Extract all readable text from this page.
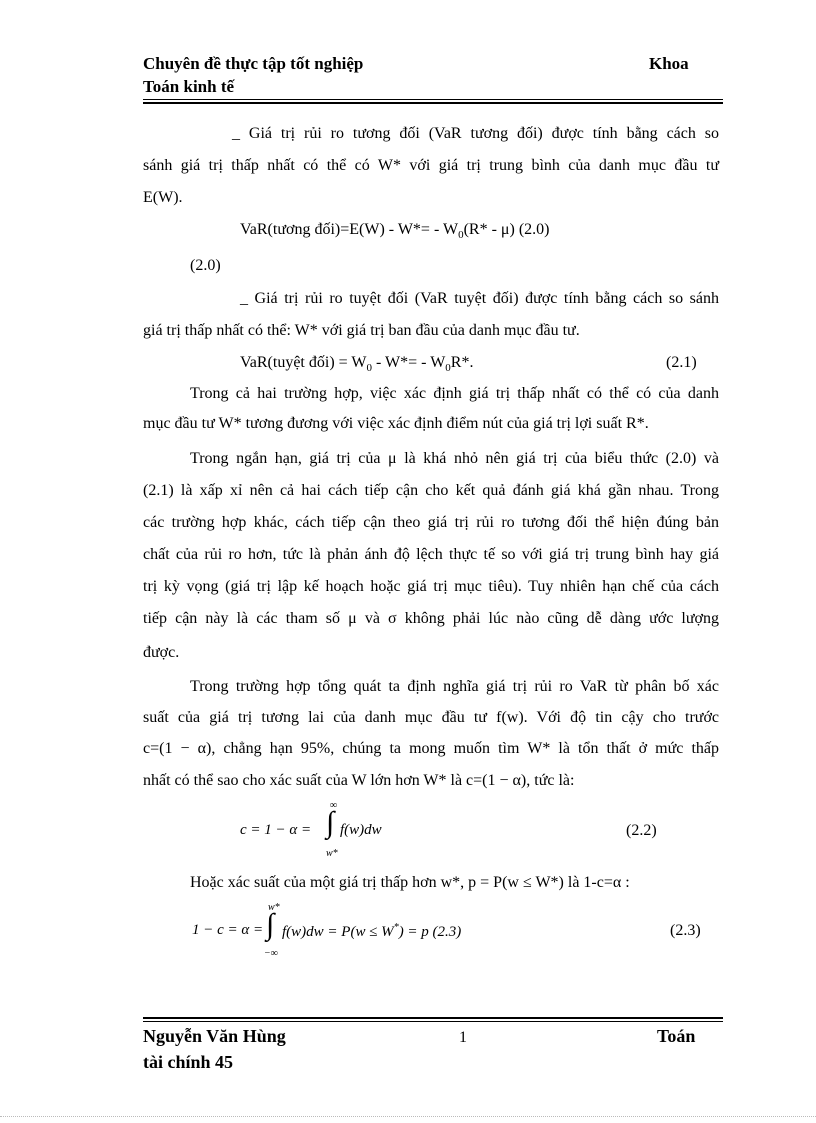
Chuyên đề thực tập tốt nghiệp	Khoa
Toán kinh tế
_ Giá trị rủi ro tương đối (VaR tương đối) được tính bằng cách so
sánh giá trị thấp nhất có thể có W* với giá trị trung bình của danh mục đầu tư
E(W).
VaR(tương đối)=E(W) - $W*= - W_0(R* - \mu)$ (2.0)
(2.0)
_ Giá trị rủi ro tuyệt đối (VaR tuyệt đối) được tính bằng cách so sánh
giá trị thấp nhất có thể: W* với giá trị ban đầu của danh mục đầu tư.
VaR(tuyệt đối) = $W_0 - W*= - W_0R*$.	(2.1)
Trong cả hai trường hợp, việc xác định giá trị thấp nhất có thể có của danh
mục đầu tư W* tương đương với việc xác định điểm nút của giá trị lợi suất R*.
Trong ngắn hạn, giá trị của μ là khá nhỏ nên giá trị của biểu thức (2.0) và
(2.1) là xấp xỉ nên cả hai cách tiếp cận cho kết quả đánh giá khá gần nhau. Trong
các trường hợp khác, cách tiếp cận theo giá trị rủi ro tương đối thể hiện đúng bản
chất của rủi ro hơn, tức là phản ánh độ lệch thực tế so với giá trị trung bình hay giá
trị kỳ vọng (giá trị lập kế hoạch hoặc giá trị mục tiêu). Tuy nhiên hạn chế của cách
tiếp cận này là các tham số μ và σ không phải lúc nào cũng dễ dàng ước lượng
được.
Trong trường hợp tổng quát ta định nghĩa giá trị rủi ro VaR từ phân bố xác
suất của giá trị tương lai của danh mục đầu tư f(w). Với độ tin cậy cho trước
c=(1 − α), chẳng hạn 95%, chúng ta mong muốn tìm W* là tổn thất ở mức thấp
nhất có thể sao cho xác suất của W lớn hơn W* là c=(1 − α), tức là:
c = 1 − α =
∞
∫
w*
f(w)dw	(2.2)
Hoặc xác suất của một giá trị thấp hơn w*, p = P(w ≤ W*) là 1-c=α :
1 − c = α =
w*
∫
−∞
f(w)dw = P(w ≤ W*) = p (2.3)	(2.3)
Nguyễn Văn Hùng	1	Toán
tài chính 45
